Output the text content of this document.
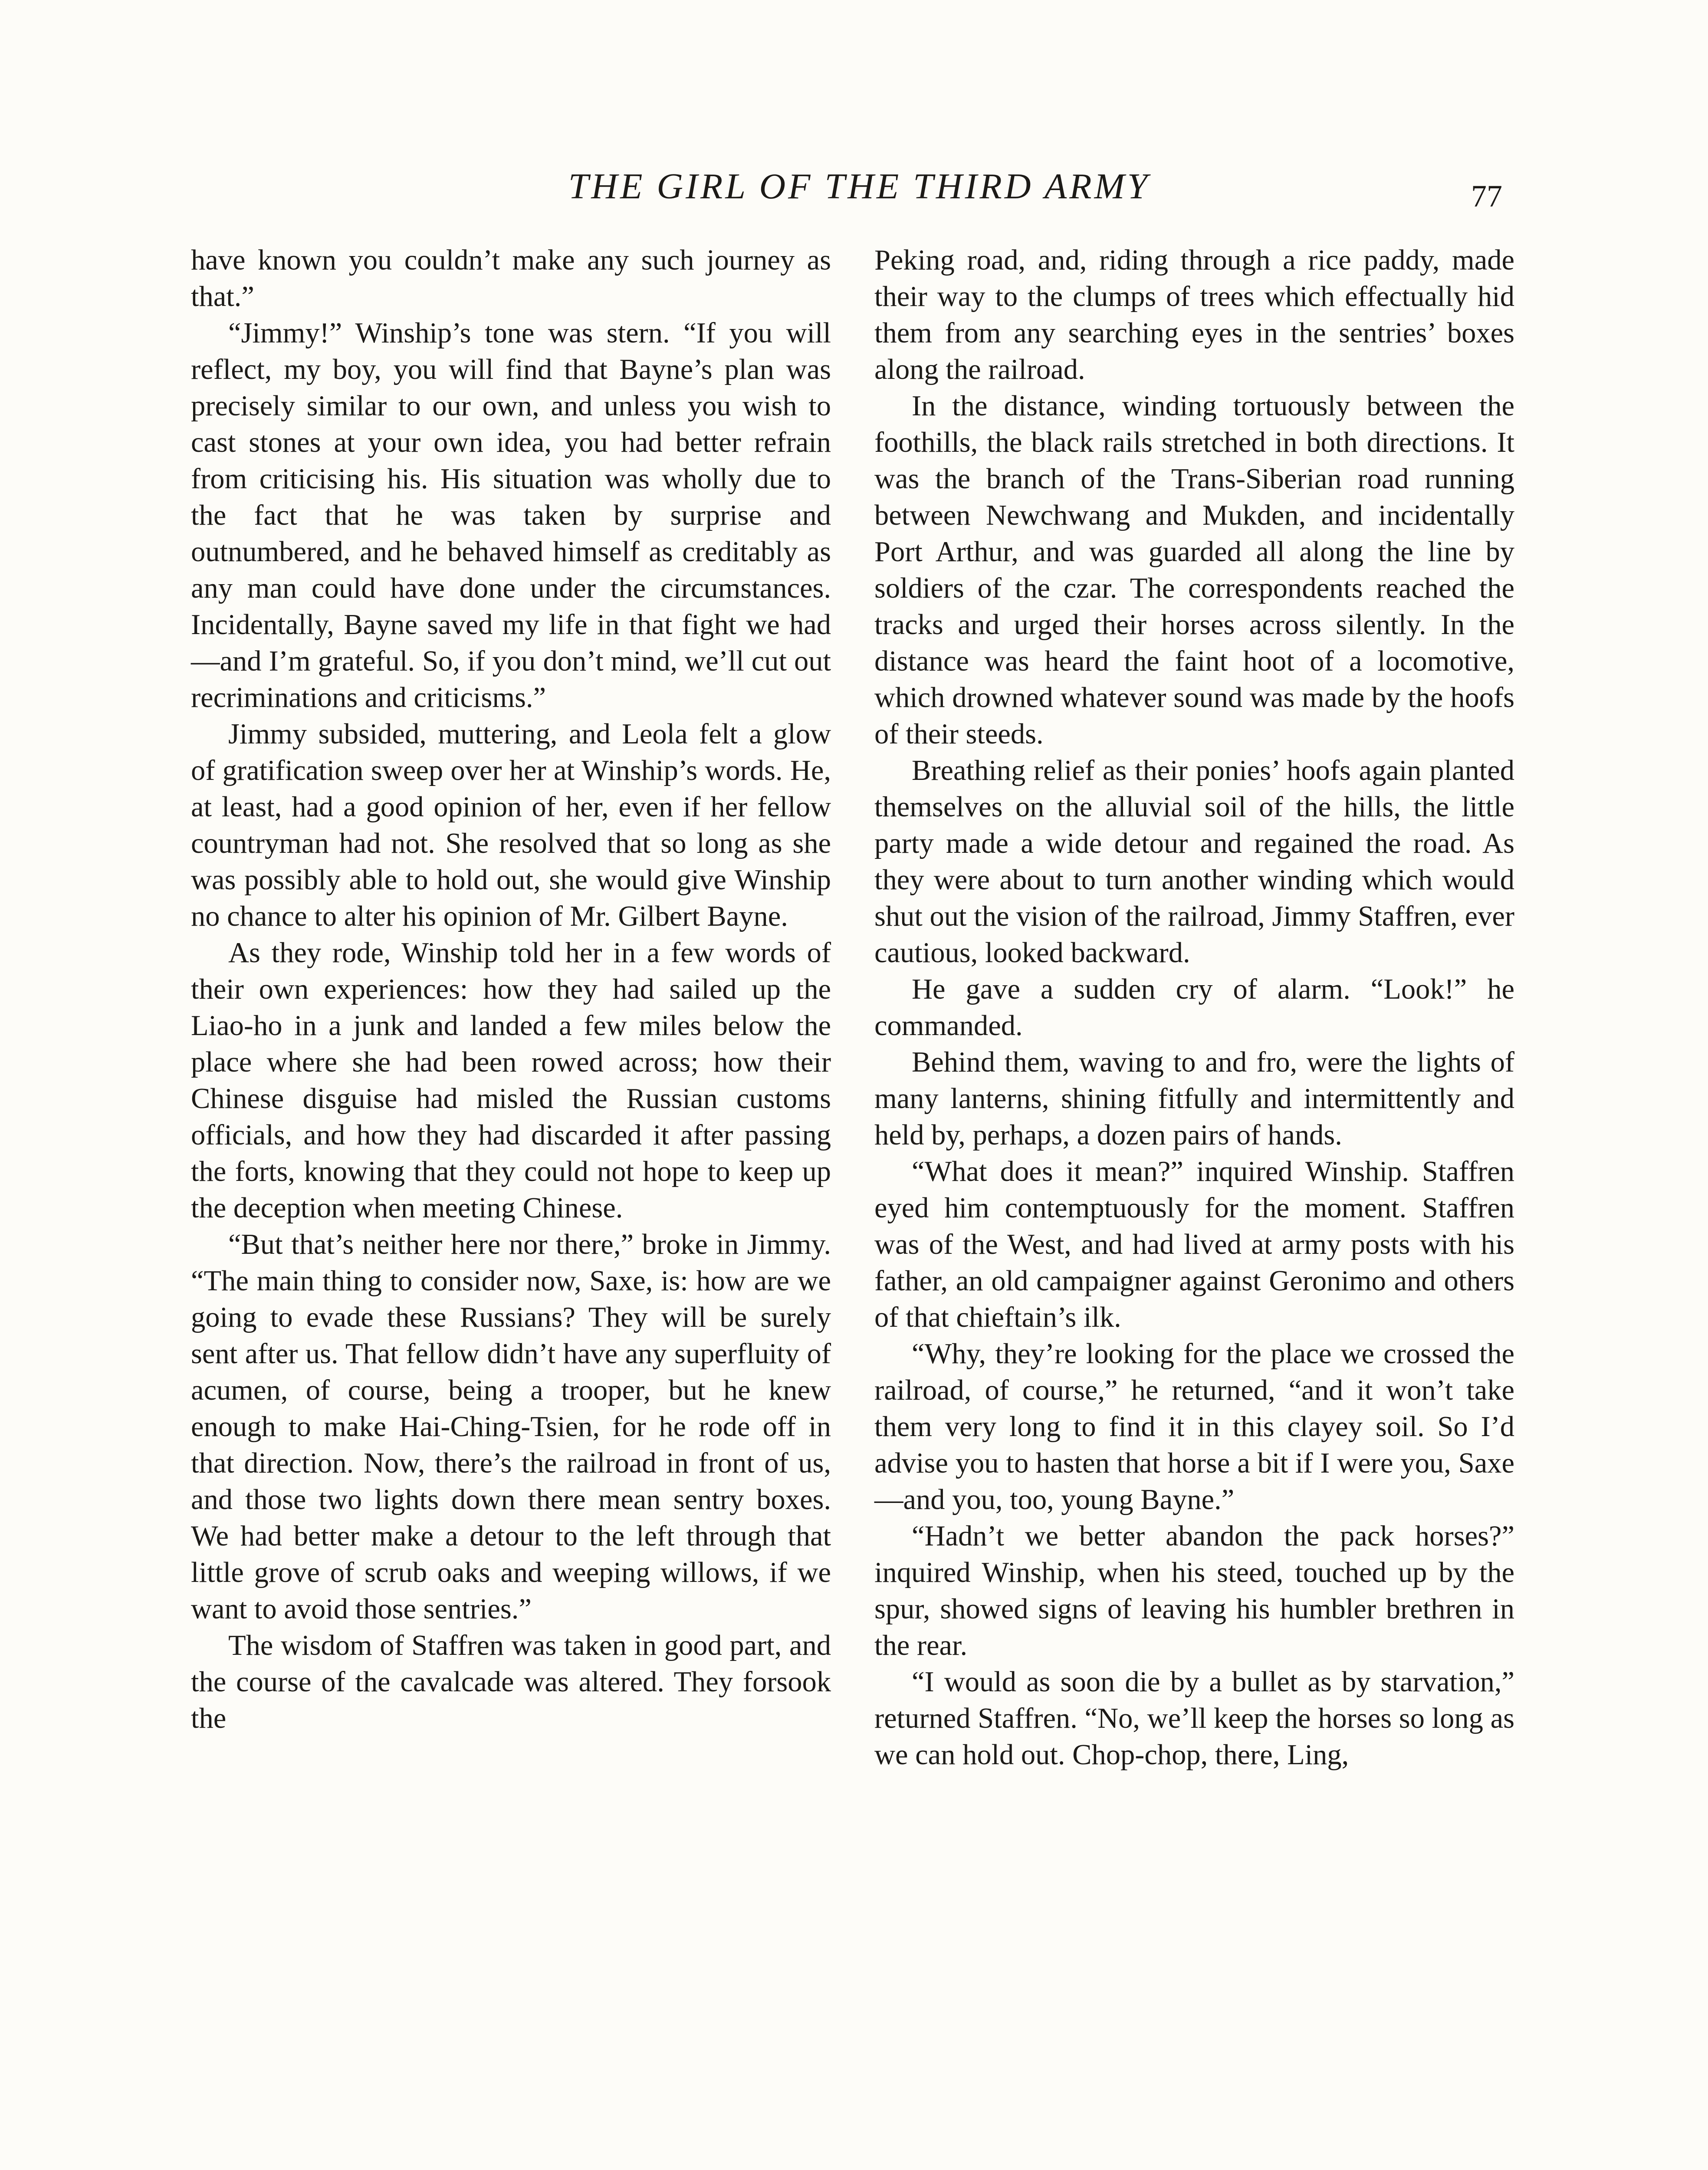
THE GIRL OF THE THIRD ARMY	77

have known you couldn’t make any such journey as that.”

“Jimmy!” Winship’s tone was stern. “If you will reflect, my boy, you will find that Bayne’s plan was precisely similar to our own, and unless you wish to cast stones at your own idea, you had better refrain from criticising his. His situation was wholly due to the fact that he was taken by surprise and outnumbered, and he behaved himself as creditably as any man could have done under the circumstances. Incidentally, Bayne saved my life in that fight we had—and I’m grateful. So, if you don’t mind, we’ll cut out recriminations and criticisms.”

Jimmy subsided, muttering, and Leola felt a glow of gratification sweep over her at Winship’s words. He, at least, had a good opinion of her, even if her fellow countryman had not. She resolved that so long as she was possibly able to hold out, she would give Winship no chance to alter his opinion of Mr. Gilbert Bayne.

As they rode, Winship told her in a few words of their own experiences: how they had sailed up the Liao-ho in a junk and landed a few miles below the place where she had been rowed across; how their Chinese disguise had misled the Russian customs officials, and how they had discarded it after passing the forts, knowing that they could not hope to keep up the deception when meeting Chinese.

“But that’s neither here nor there,” broke in Jimmy. “The main thing to consider now, Saxe, is: how are we going to evade these Russians? They will be surely sent after us. That fellow didn’t have any superfluity of acumen, of course, being a trooper, but he knew enough to make Hai-Ching-Tsien, for he rode off in that direction. Now, there’s the railroad in front of us, and those two lights down there mean sentry boxes. We had better make a detour to the left through that little grove of scrub oaks and weeping willows, if we want to avoid those sentries.”

The wisdom of Staffren was taken in good part, and the course of the cavalcade was altered. They forsook the

Peking road, and, riding through a rice paddy, made their way to the clumps of trees which effectually hid them from any searching eyes in the sentries’ boxes along the railroad.

In the distance, winding tortuously between the foothills, the black rails stretched in both directions. It was the branch of the Trans-Siberian road running between Newchwang and Mukden, and incidentally Port Arthur, and was guarded all along the line by soldiers of the czar. The correspondents reached the tracks and urged their horses across silently. In the distance was heard the faint hoot of a locomotive, which drowned whatever sound was made by the hoofs of their steeds.

Breathing relief as their ponies’ hoofs again planted themselves on the alluvial soil of the hills, the little party made a wide detour and regained the road. As they were about to turn another winding which would shut out the vision of the railroad, Jimmy Staffren, ever cautious, looked backward.

He gave a sudden cry of alarm. “Look!” he commanded.

Behind them, waving to and fro, were the lights of many lanterns, shining fitfully and intermittently and held by, perhaps, a dozen pairs of hands.

“What does it mean?” inquired Winship. Staffren eyed him contemptuously for the moment. Staffren was of the West, and had lived at army posts with his father, an old campaigner against Geronimo and others of that chieftain’s ilk.

“Why, they’re looking for the place we crossed the railroad, of course,” he returned, “and it won’t take them very long to find it in this clayey soil. So I’d advise you to hasten that horse a bit if I were you, Saxe—and you, too, young Bayne.”

“Hadn’t we better abandon the pack horses?” inquired Winship, when his steed, touched up by the spur, showed signs of leaving his humbler brethren in the rear.

“I would as soon die by a bullet as by starvation,” returned Staffren. “No, we’ll keep the horses so long as we can hold out. Chop-chop, there, Ling,
